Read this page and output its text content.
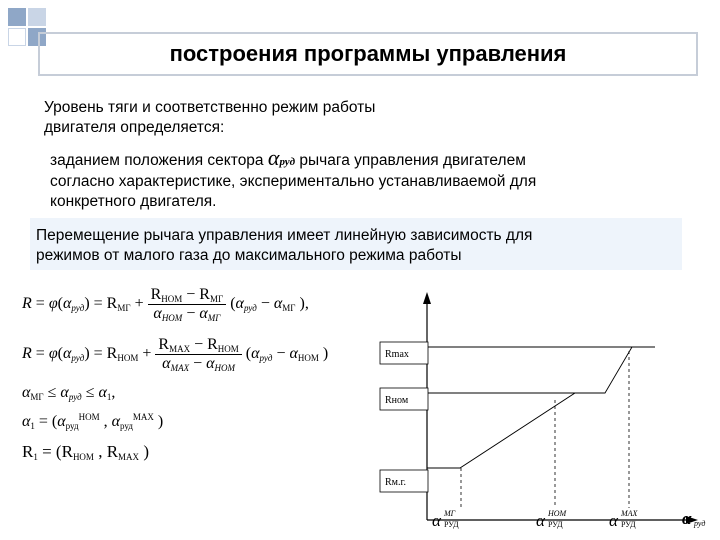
построения программы управления
Уровень тяги и соответственно режим работы
двигателя определяется:
заданием положения сектора αруд рычага управления двигателем
согласно характеристике, экспериментально устанавливаемой для
конкретного двигателя.
Перемещение рычага управления имеет линейную зависимость для
режимов от малого газа до максимального режима работы
$R = \varphi(\alpha_{руд}) = R_{МГ} + \frac{R_{НОМ} - R_{МГ}}{\alpha_{НОМ} - \alpha_{МГ}} (\alpha_{руд} - \alpha_{МГ}$ ),
$R = \varphi(\alpha_{руд}) = R_{НОМ} + \frac{R_{MAX} - R_{НОМ}}{\alpha_{MAX} - \alpha_{НОМ}} (\alpha_{руд} - \alpha_{НОМ}$ )
$\alpha_{МГ} \le \alpha_{руд} \le \alpha_1$,
$\alpha_1 = (\alpha_{руд}^{НОМ}$ , $\alpha_{руд}^{МАХ}$ )
$R_1 = (R_{НОМ}$ , $R_{МАХ}$ )
Rmax
Rном
Rм.г.
α МГ
РУД	α НОМ
РУД	α МАХ
РУД	α руд
